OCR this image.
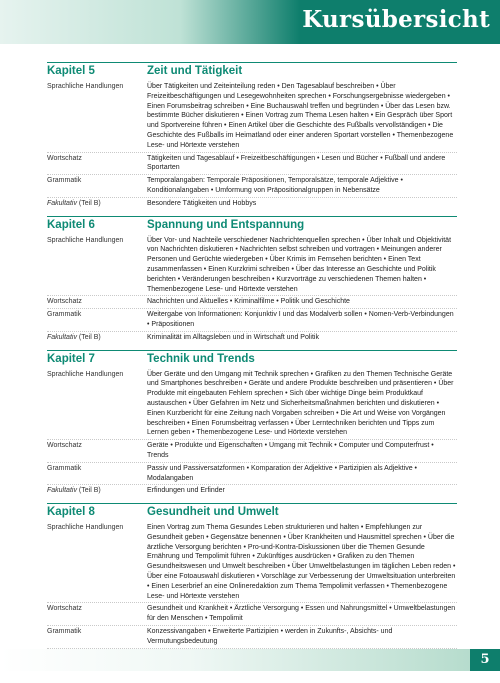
Kursübersicht
Kapitel 5	Zeit und Tätigkeit
Sprachliche Handlungen	Über Tätigkeiten und Zeiteinteilung reden • Den Tagesablauf beschreiben • Über Freizeitbeschäftigungen und Lesegewohnheiten sprechen • Forschungsergebnisse wiedergeben • Einen Forumsbeitrag schreiben • Eine Buchauswahl treffen und begründen • Über das Lesen bzw. bestimmte Bücher diskutieren • Einen Vortrag zum Thema Lesen halten • Ein Gespräch über Sport und Sportvereine führen • Einen Artikel über die Geschichte des Fußballs vervollständigen • Die Geschichte des Fußballs im Heimatland oder einer anderen Sportart vorstellen • Themenbezogene Lese- und Hörtexte verstehen
Wortschatz	Tätigkeiten und Tagesablauf • Freizeitbeschäftigungen • Lesen und Bücher • Fußball und andere Sportarten
Grammatik	Temporalangaben: Temporale Präpositionen, Temporalsätze, temporale Adjektive • Konditionalangaben • Umformung von Präpositionalgruppen in Nebensätze
Fakultativ (Teil B)	Besondere Tätigkeiten und Hobbys
Kapitel 6	Spannung und Entspannung
Sprachliche Handlungen	Über Vor- und Nachteile verschiedener Nachrichtenquellen sprechen • Über Inhalt und Objektivität von Nachrichten diskutieren • Nachrichten selbst schreiben und vortragen • Meinungen anderer Personen und Gerüchte wiedergeben • Über Krimis im Fernsehen berichten • Einen Text zusammenfassen • Einen Kurzkrimi schreiben • Über das Interesse an Geschichte und Politik berichten • Veränderungen beschreiben • Kurzvorträge zu verschiedenen Themen halten • Themenbezogene Lese- und Hörtexte verstehen
Wortschatz	Nachrichten und Aktuelles • Kriminalfilme • Politik und Geschichte
Grammatik	Weitergabe von Informationen: Konjunktiv I und das Modalverb sollen • Nomen-Verb-Verbindungen • Präpositionen
Fakultativ (Teil B)	Kriminalität im Alltagsleben und in Wirtschaft und Politik
Kapitel 7	Technik und Trends
Sprachliche Handlungen	Über Geräte und den Umgang mit Technik sprechen • Grafiken zu den Themen Technische Geräte und Smartphones beschreiben • Geräte und andere Produkte beschreiben und präsentieren • Über Produkte mit eingebauten Fehlern sprechen • Sich über wichtige Dinge beim Produktkauf austauschen • Über Gefahren im Netz und Sicherheitsmaßnahmen berichten und diskutieren • Einen Kurzbericht für eine Zeitung nach Vorgaben schreiben • Die Art und Weise von Vorgängen beschreiben • Einen Forumsbeitrag verfassen • Über Lerntechniken berichten und Tipps zum Lernen geben • Themenbezogene Lese- und Hörtexte verstehen
Wortschatz	Geräte • Produkte und Eigenschaften • Umgang mit Technik • Computer und Computerfrust • Trends
Grammatik	Passiv und Passiversatzformen • Komparation der Adjektive • Partizipien als Adjektive • Modalangaben
Fakultativ (Teil B)	Erfindungen und Erfinder
Kapitel 8	Gesundheit und Umwelt
Sprachliche Handlungen	Einen Vortrag zum Thema Gesundes Leben strukturieren und halten • Empfehlungen zur Gesundheit geben • Gegensätze benennen • Über Krankheiten und Hausmittel sprechen • Über die ärztliche Versorgung berichten • Pro-und-Kontra-Diskussionen über die Themen Gesunde Ernährung und Tempolimit führen • Zukünftiges ausdrücken • Grafiken zu den Themen Gesundheitswesen und Umwelt beschreiben • Über Umweltbelastungen im täglichen Leben reden • Über eine Fotoauswahl diskutieren • Vorschläge zur Verbesserung der Umweltsituation unterbreiten • Einen Leserbrief an eine Onlineredaktion zum Thema Tempolimit verfassen • Themenbezogene Lese- und Hörtexte verstehen
Wortschatz	Gesundheit und Krankheit • Ärztliche Versorgung • Essen und Nahrungsmittel • Umweltbelastungen für den Menschen • Tempolimit
Grammatik	Konzessivangaben • Erweiterte Partizipien • werden in Zukunfts-, Absichts- und Vermutungsbedeutung
5
